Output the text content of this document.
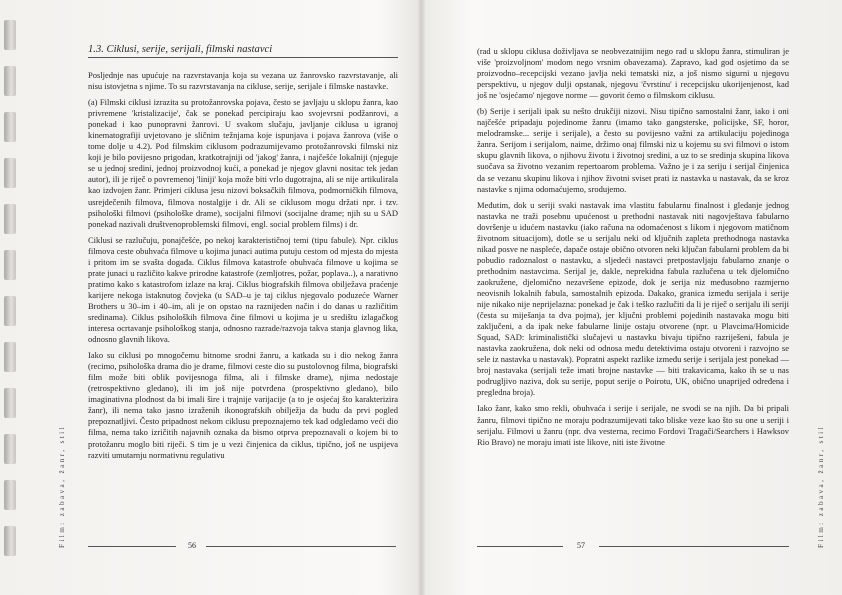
1.3. Ciklusi, serije, serijali, filmski nastavci

Posljednje nas upućuje na razvrstavanja koja su vezana uz žanrovsko razvrstavanje, ali nisu istovjetna s njime. To su razvrstavanja na cikluse, serije, serijale i filmske nastavke.

(a) Filmski ciklusi izrazita su protožanrovska pojava, često se javljaju u sklopu žanra, kao privremene 'kristalizacije', čak se ponekad percipiraju kao svojevrsni podžanrovi, a ponekad i kao punopravni žanrovi. U svakom slučaju, javljanje ciklusa u igranoj kinematografiji uvjetovano je sličnim težnjama koje ispunjava i pojava žanrova (više o tome dolje u 4.2). Pod filmskim ciklusom podrazumijevamo protožanrovski filmski niz koji je bilo povijesno prigodan, kratkotrajniji od 'jakog' žanra, i najčešće lokalniji (njeguje se u jednoj sredini, jednoj proizvodnoj kući, a ponekad je njegov glavni nositac tek jedan autor), ili je riječ o povremenoj 'liniji' koja može biti vrlo dugotrajna, ali se nije artikulirala kao izdvojen žanr. Primjeri ciklusa jesu nizovi boksačkih filmova, podmorničkih filmova, usrejdečenih filmova, filmova nostalgije i dr. Ali se ciklusom mogu držati npr. i tzv. psihološki filmovi (psihološke drame), socijalni filmovi (socijalne drame; njih su u SAD ponekad nazivali društvenoproblemski filmovi, engl. social problem films) i dr.

Ciklusi se razlučuju, ponajčešće, po nekoj karakterističnoj temi (tipu fabule). Npr. ciklus filmova ceste obuhvaća filmove u kojima junaci autima putuju cestom od mjesta do mjesta i pritom im se svašta događa. Ciklus filmova katastrofe obuhvaća filmove u kojima se prate junaci u različito kakve prirodne katastrofe (zemljotres, požar, poplava..), a narativno pratimo kako s katastrofom izlaze na kraj. Ciklus biografskih filmova obilježava praćenje karijere nekoga istaknutog čovjeka (u SAD–u je taj ciklus njegovalo poduzeće Warner Brothers u 30–im i 40–im, ali je on opstao na raznijeden način i do danas u različitim sredinama). Ciklus psiholoških filmova čine filmovi u kojima je u središtu izlagačkog interesa ocrtavanje psihološkog stanja, odnosno razrade/razvoja takva stanja glavnog lika, odnosno glavnih likova.

Iako su ciklusi po mnogočemu bitnome srodni žanru, a katkada su i dio nekog žanra (recimo, psihološka drama dio je drame, filmovi ceste dio su pustolovnog filma, biografski film može biti oblik povijesnoga filma, ali i filmske drame), njima nedostaje (retrospektivno gledano), ili im još nije potvrđena (prospektivno gledano), bilo imaginativna plodnost da bi imali šire i trajnije varijacije (a to je osjećaj što karakterizira žanr), ili nema tako jasno izraženih ikonografskih obilježja da budu da prvi pogled prepoznatljivi. Često pripadnost nekom ciklusu prepoznajemo tek kad odgledamo veći dio filma, nema tako izričitih najavnih oznaka da bismo otprva prepoznavali o kojem bi to protožanru moglo biti riječi. S tim je u vezi činjenica da ciklus, tipično, još ne uspijeva razviti umutarnju normativnu regulativu

Film: zabava, žanr, stil	56

(rad u sklopu ciklusa doživljava se neobvezatnijim nego rad u sklopu žanra, stimuliran je više 'proizvoljnom' modom nego vrsnim obavezama). Zapravo, kad god osjetimo da se proizvodno–recepcijski vezano javlja neki tematski niz, a još nismo sigurni u njegovu perspektivu, u njegov dulji opstanak, njegovu 'čvrstinu' i recepcijsku ukorijenjenost, kad još ne 'osjećamo' njegove norme — govorit ćemo o filmskom ciklusu.

(b) Serije i serijali ipak su nešto drukčiji nizovi. Nisu tipično samostalni žanr, iako i oni najčešće pripadaju pojedinome žanru (imamo tako gangsterske, policijske, SF, horor, melodramske... serije i serijale), a često su povijesno važni za artikulaciju pojedinoga žanra. Serijom i serijalom, naime, držimo onaj filmski niz u kojemu su svi filmovi o istom skupu glavnih likova, o njihovu životu i životnoj sredini, a uz to se sredinja skupina likova suočava sa životno vezanim repertoarom problema. Važno je i za seriju i serijal činjenica da se vezanu skupinu likova i njihov životni sviset prati iz nastavka u nastavak, da se kroz nastavke s njima odomaćujemo, srodujemo.

Međutim, dok u seriji svaki nastavak ima vlastitu fabularnu finalnost i gledanje jednog nastavka ne traži posebnu upućenost u prethodni nastavak niti nagovještava fabularno dovršenje u idućem nastavku (iako računa na odomaćenost s likom i njegovom matičnom životnom situacijom), dotle se u serijalu neki od ključnih zapleta prethodnoga nastavka nikad posve ne naspleće, dapače ostaje obično otvoren neki ključan fabularni problem da bi pobudio radoznalost o nastavku, a sljedeći nastavci pretpostavljaju fabularno znanje o prethodnim nastavcima. Serijal je, dakle, neprekidna fabula razlučena u tek djelomično zaokružene, djelomično nezavršene epizode, dok je serija niz međusobno razmjerno neovisnih lokalnih fabula, samostalnih epizoda. Dakako, granica između serijala i serije nije nikako nije neprijelazna: ponekad je čak i teško razlučiti da li je riječ o serijalu ili seriji (česta su miješanja ta dva pojma), jer ključni problemi pojedinih nastavaka mogu biti zaključeni, a da ipak neke fabularne linije ostaju otvorene (npr. u Plavcima/Homicide Squad, SAD: kriminalistički slučajevi u nastavku bivaju tipično razriješeni, fabula je nastavka zaokružena, dok neki od odnosa među detektivima ostaju otvoreni i razvojno se sele iz nastavka u nastavak). Popratni aspekt razlike između serije i serijala jest ponekad — broj nastavaka (serijali teže imati brojne nastavke — biti trakavicama, kako ih se u nas podrugljivo naziva, dok su serije, poput serije o Poirotu, UK, obično unaprijed određena i pregledna broja).

Iako žanr, kako smo rekli, obuhvaća i serije i serijale, ne svodi se na njih. Da bi pripali žanru, filmovi tipično ne moraju podrazumijevati tako bliske veze kao što su one u seriji i serijalu. Filmovi u žanru (npr. dva vesterna, recimo Fordovi Tragači/Searchers i Hawksov Rio Bravo) ne moraju imati iste likove, niti iste životne	Film: zabava, žanr, stil
57
